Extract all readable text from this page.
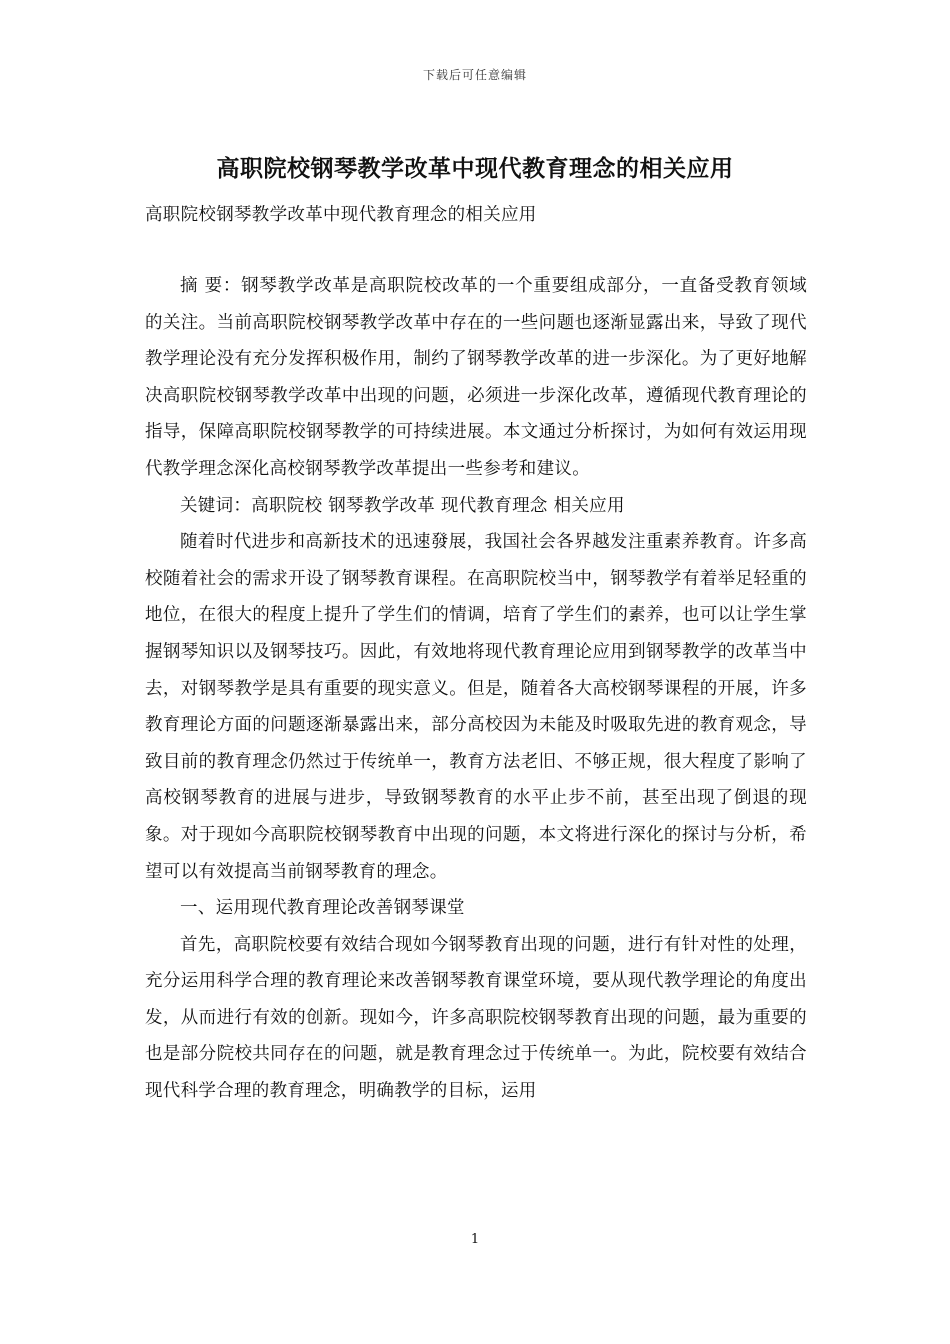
下载后可任意编辑
高职院校钢琴教学改革中现代教育理念的相关应用
高职院校钢琴教学改革中现代教育理念的相关应用

摘 要：钢琴教学改革是高职院校改革的一个重要组成部分，一直备受教育领域的关注。当前高职院校钢琴教学改革中存在的一些问题也逐渐显露出来，导致了现代教学理论没有充分发挥积极作用，制约了钢琴教学改革的进一步深化。为了更好地解决高职院校钢琴教学改革中出现的问题，必须进一步深化改革，遵循现代教育理论的指导，保障高职院校钢琴教学的可持续进展。本文通过分析探讨，为如何有效运用现代教学理念深化高校钢琴教学改革提出一些参考和建议。

关键词：高职院校 钢琴教学改革 现代教育理念 相关应用

随着时代进步和高新技术的迅速發展，我国社会各界越发注重素养教育。许多高校随着社会的需求开设了钢琴教育课程。在高职院校当中，钢琴教学有着举足轻重的地位，在很大的程度上提升了学生们的情调，培育了学生们的素养，也可以让学生掌握钢琴知识以及钢琴技巧。因此，有效地将现代教育理论应用到钢琴教学的改革当中去，对钢琴教学是具有重要的现实意义。但是，随着各大高校钢琴课程的开展，许多教育理论方面的问题逐渐暴露出来，部分高校因为未能及时吸取先进的教育观念，导致目前的教育理念仍然过于传统单一，教育方法老旧、不够正规，很大程度了影响了高校钢琴教育的进展与进步，导致钢琴教育的水平止步不前，甚至出现了倒退的现象。对于现如今高职院校钢琴教育中出现的问题，本文将进行深化的探讨与分析，希望可以有效提高当前钢琴教育的理念。

一、运用现代教育理论改善钢琴课堂

首先，高职院校要有效结合现如今钢琴教育出现的问题，进行有针对性的处理，充分运用科学合理的教育理论来改善钢琴教育课堂环境，要从现代教学理论的角度出发，从而进行有效的创新。现如今，许多高职院校钢琴教育出现的问题，最为重要的也是部分院校共同存在的问题，就是教育理念过于传统单一。为此，院校要有效结合现代科学合理的教育理念，明确教学的目标，运用

1
